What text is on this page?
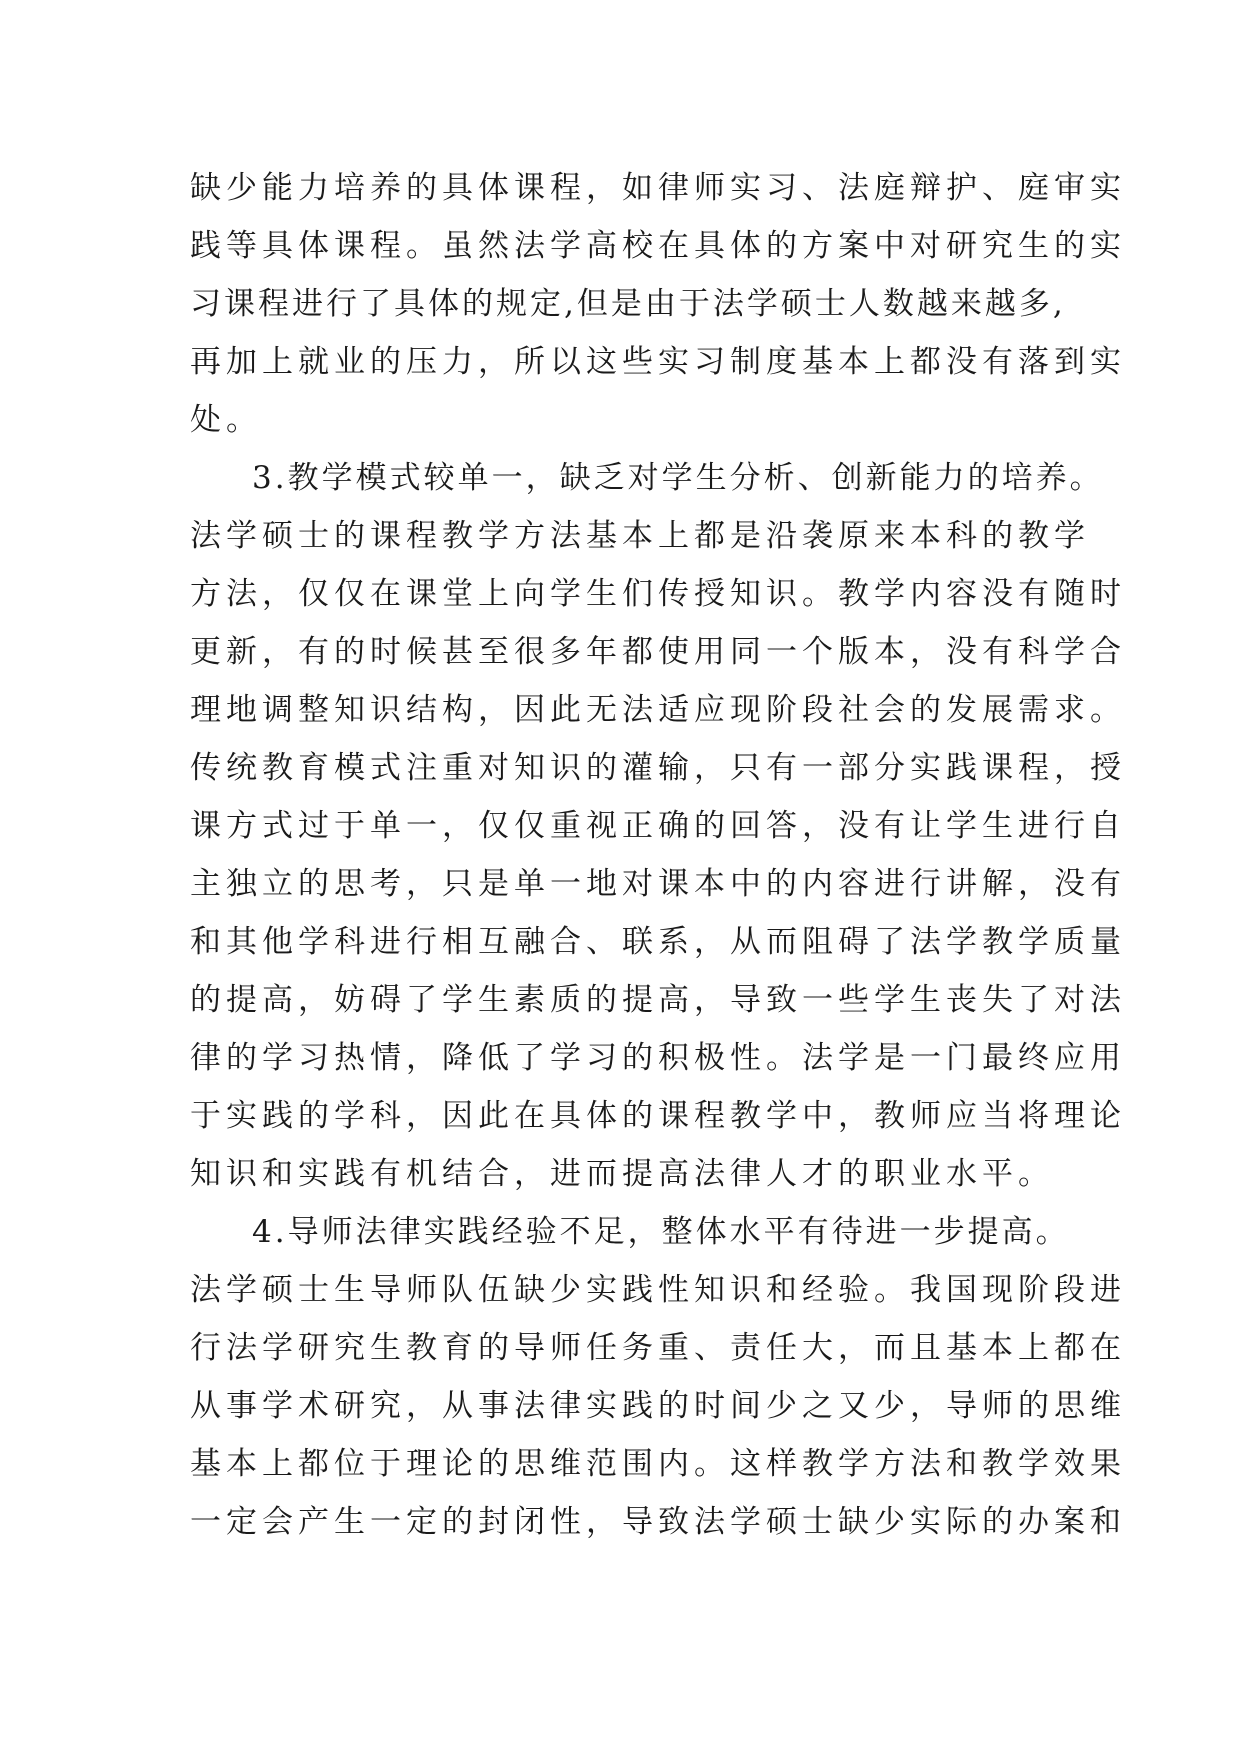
缺少能力培养的具体课程，如律师实习、法庭辩护、庭审实
践等具体课程。虽然法学高校在具体的方案中对研究生的实
习课程进行了具体的规定,但是由于法学硕士人数越来越多,
再加上就业的压力，所以这些实习制度基本上都没有落到实
处。
3.教学模式较单一，缺乏对学生分析、创新能力的培养。
法学硕士的课程教学方法基本上都是沿袭原来本科的教学
方法，仅仅在课堂上向学生们传授知识。教学内容没有随时
更新，有的时候甚至很多年都使用同一个版本，没有科学合
理地调整知识结构，因此无法适应现阶段社会的发展需求。
传统教育模式注重对知识的灌输，只有一部分实践课程，授
课方式过于单一，仅仅重视正确的回答，没有让学生进行自
主独立的思考，只是单一地对课本中的内容进行讲解，没有
和其他学科进行相互融合、联系，从而阻碍了法学教学质量
的提高，妨碍了学生素质的提高，导致一些学生丧失了对法
律的学习热情，降低了学习的积极性。法学是一门最终应用
于实践的学科，因此在具体的课程教学中，教师应当将理论
知识和实践有机结合，进而提高法律人才的职业水平。
4.导师法律实践经验不足，整体水平有待进一步提高。
法学硕士生导师队伍缺少实践性知识和经验。我国现阶段进
行法学研究生教育的导师任务重、责任大，而且基本上都在
从事学术研究，从事法律实践的时间少之又少，导师的思维
基本上都位于理论的思维范围内。这样教学方法和教学效果
一定会产生一定的封闭性，导致法学硕士缺少实际的办案和
